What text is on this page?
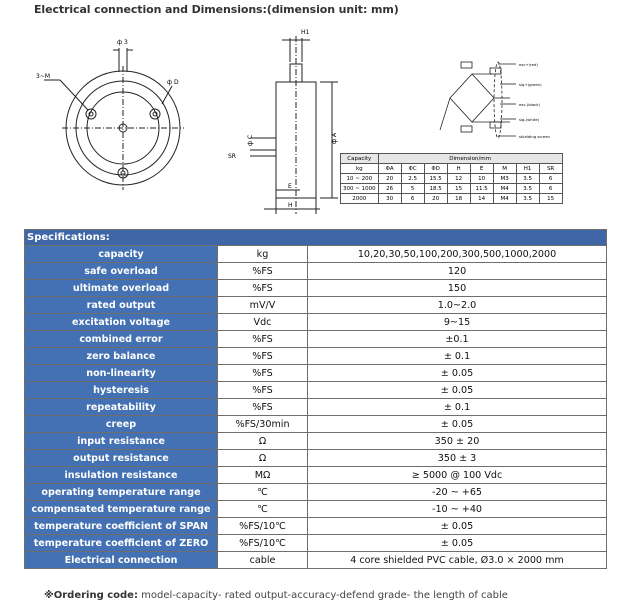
Electrical connection and Dimensions:(dimension unit: mm)
ф 3
ф D
3~M
H1
ф A
ф C
SR
E
H
exc+(red)
sig+(green)
exc-(black)
sig-(white)
shielding screen
Capacity	Dimension/mm							
kg	ΦA	ΦC	ΦD	H	E	M	H1	SR
10 ~ 200	20	2.5	15.5	12	10	M3	3.5	6
300 ~ 1000	26	5	18.5	15	11.5	M4	3.5	6
2000	30	6	20	18	14	M4	3.5	15
Specifications:		
capacity	kg	10,20,30,50,100,200,300,500,1000,2000
safe overload	%FS	120
ultimate overload	%FS	150
rated output	mV/V	1.0~2.0
excitation voltage	Vdc	9~15
combined error	%FS	±0.1
zero balance	%FS	± 0.1
non-linearity	%FS	± 0.05
hysteresis	%FS	± 0.05
repeatability	%FS	± 0.1
creep	%FS/30min	± 0.05
input resistance	Ω	350 ± 20
output resistance	Ω	350 ± 3
insulation resistance	MΩ	≥ 5000 @ 100 Vdc
operating temperature range	℃	-20 ~ +65
compensated temperature range	℃	-10 ~ +40
temperature coefficient of SPAN	%FS/10℃	± 0.05
temperature coefficient of ZERO	%FS/10℃	± 0.05
Electrical connection	cable	4 core shielded PVC cable, Ø3.0 × 2000 mm
※Ordering code: model-capacity- rated output-accuracy-defend grade- the length of cable
